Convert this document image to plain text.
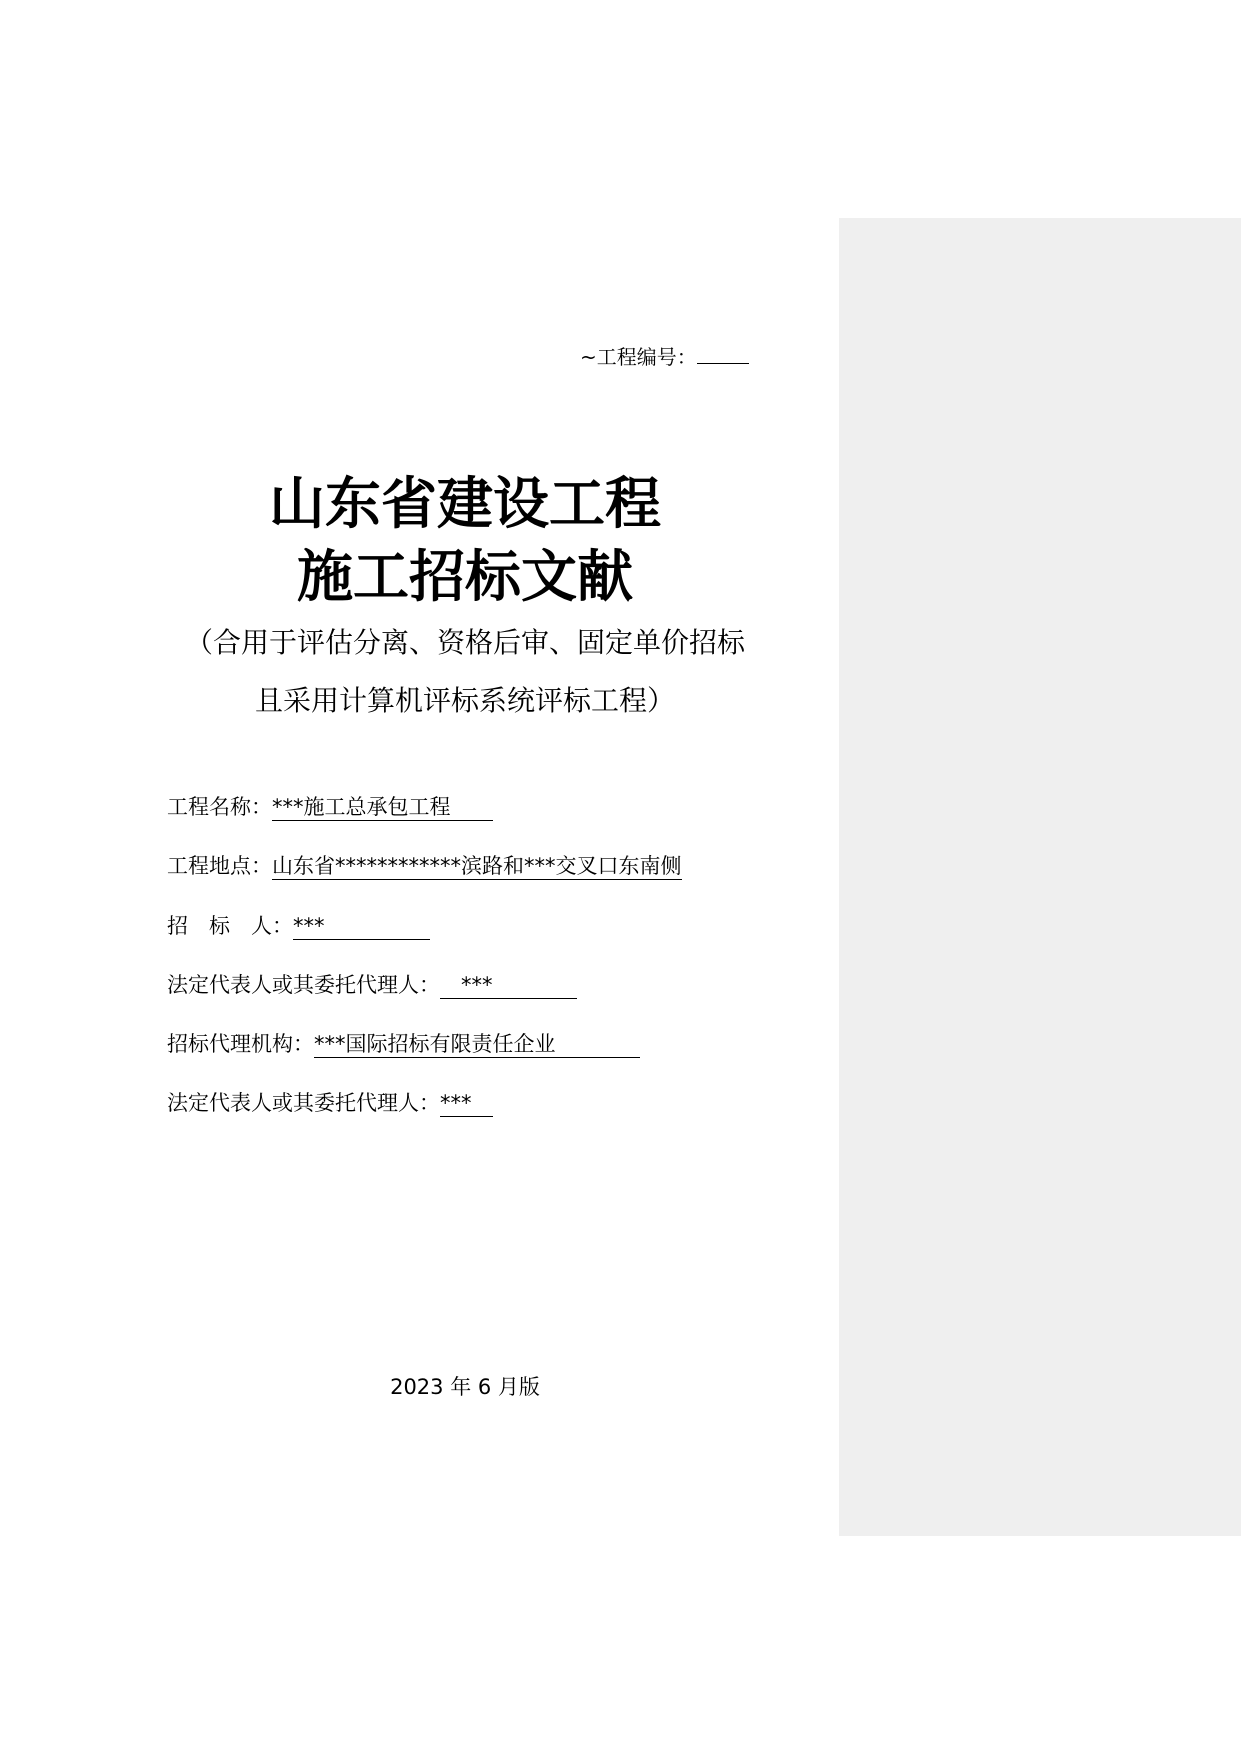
~工程编号：
山东省建设工程
施工招标文献
（合用于评估分离、资格后审、固定单价招标
且采用计算机评标系统评标工程）
工程名称：***施工总承包工程　　
工程地点：山东省************滨路和***交叉口东南侧
招　标　人：***　　　　　
法定代表人或其委托代理人：　***　　　　
招标代理机构：***国际招标有限责任企业　　　　
法定代表人或其委托代理人：***　
2023 年 6 月版
